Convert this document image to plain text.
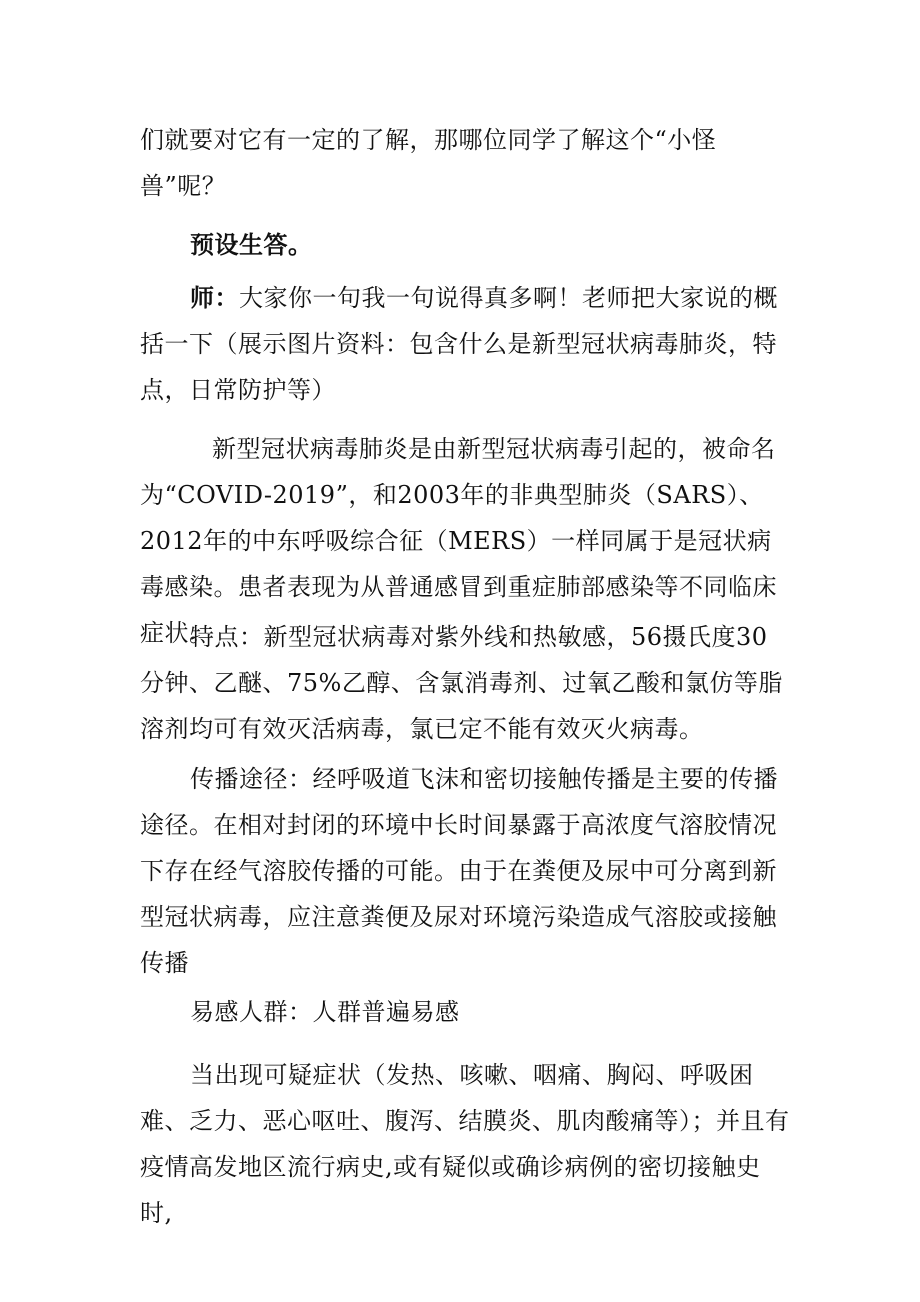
们就要对它有一定的了解，那哪位同学了解这个“小怪兽”呢？

预设生答。

师：大家你一句我一句说得真多啊！老师把大家说的概括一下（展示图片资料：包含什么是新型冠状病毒肺炎，特点，日常防护等）

新型冠状病毒肺炎是由新型冠状病毒引起的，被命名为“COVID-2019”，和2003年的非典型肺炎（SARS）、2012年的中东呼吸综合征（MERS）一样同属于是冠状病毒感染。患者表现为从普通感冒到重症肺部感染等不同临床症状。

特点：新型冠状病毒对紫外线和热敏感，56摄氏度30分钟、乙醚、75%乙醇、含氯消毒剂、过氧乙酸和氯仿等脂溶剂均可有效灭活病毒，氯已定不能有效灭火病毒。

传播途径：经呼吸道飞沫和密切接触传播是主要的传播途径。在相对封闭的环境中长时间暴露于高浓度气溶胶情况下存在经气溶胶传播的可能。由于在粪便及尿中可分离到新型冠状病毒，应注意粪便及尿对环境污染造成气溶胶或接触传播

易感人群：人群普遍易感

当出现可疑症状（发热、咳嗽、咽痛、胸闷、呼吸困难、乏力、恶心呕吐、腹泻、结膜炎、肌肉酸痛等）；并且有疫情高发地区流行病史,或有疑似或确诊病例的密切接触史时,
